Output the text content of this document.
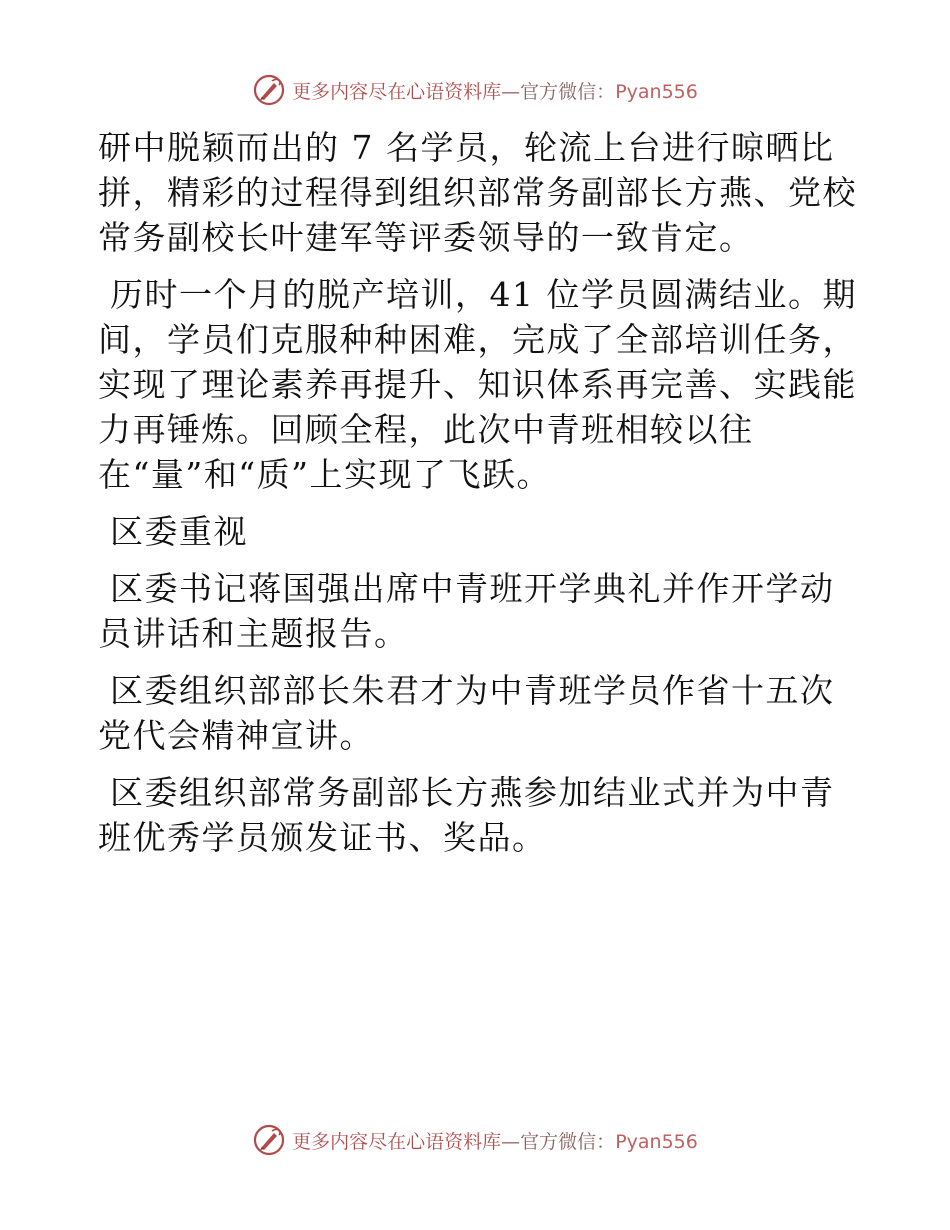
更多内容尽在心语资料库—官方微信：Pyan556

研中脱颖而出的 7 名学员，轮流上台进行晾晒比
拼，精彩的过程得到组织部常务副部长方燕、党校
常务副校长叶建军等评委领导的一致肯定。

历时一个月的脱产培训，41 位学员圆满结业。期
间，学员们克服种种困难，完成了全部培训任务，
实现了理论素养再提升、知识体系再完善、实践能
力再锤炼。回顾全程，此次中青班相较以往
在“量”和“质”上实现了飞跃。

区委重视

区委书记蒋国强出席中青班开学典礼并作开学动
员讲话和主题报告。

区委组织部部长朱君才为中青班学员作省十五次
党代会精神宣讲。

区委组织部常务副部长方燕参加结业式并为中青
班优秀学员颁发证书、奖品。

更多内容尽在心语资料库—官方微信：Pyan556
